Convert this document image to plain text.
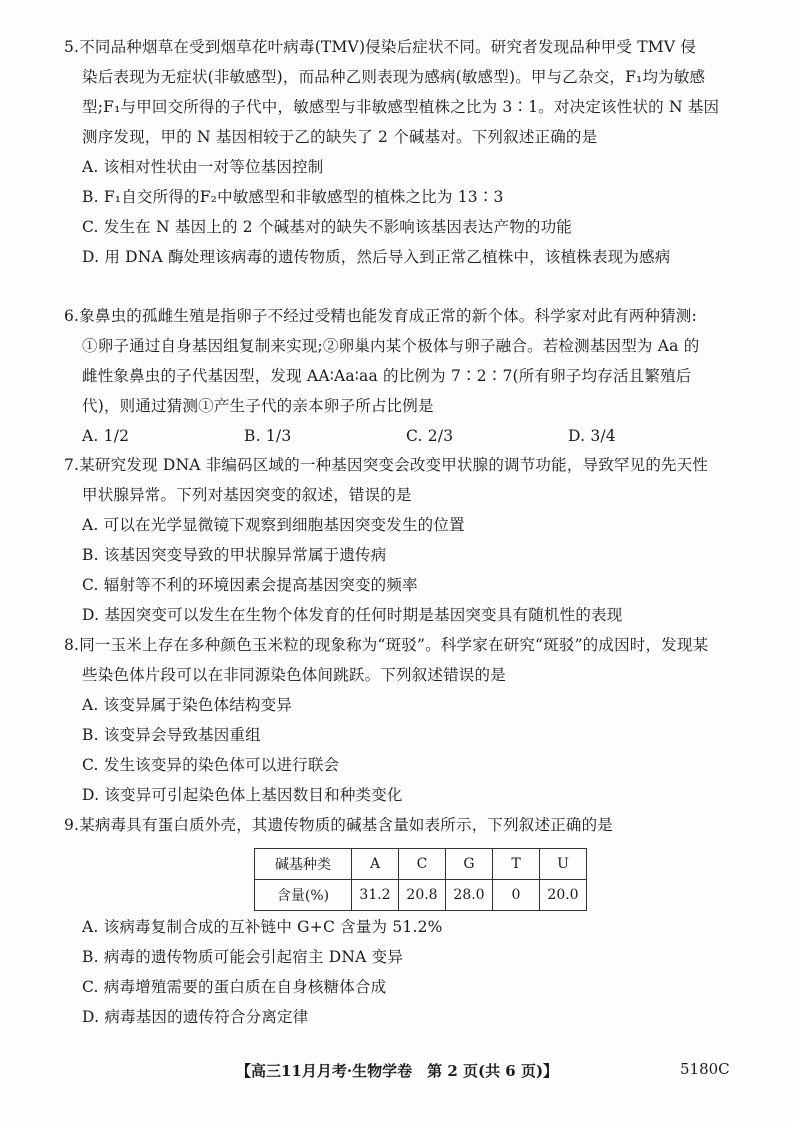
5.不同品种烟草在受到烟草花叶病毒(TMV)侵染后症状不同。研究者发现品种甲受 TMV 侵
染后表现为无症状(非敏感型)，而品种乙则表现为感病(敏感型)。甲与乙杂交，F₁均为敏感
型;F₁与甲回交所得的子代中，敏感型与非敏感型植株之比为 3∶1。对决定该性状的 N 基因
测序发现，甲的 N 基因相较于乙的缺失了 2 个碱基对。下列叙述正确的是
A. 该相对性状由一对等位基因控制
B. F₁自交所得的F₂中敏感型和非敏感型的植株之比为 13∶3
C. 发生在 N 基因上的 2 个碱基对的缺失不影响该基因表达产物的功能
D. 用 DNA 酶处理该病毒的遗传物质，然后导入到正常乙植株中，该植株表现为感病
6.象鼻虫的孤雌生殖是指卵子不经过受精也能发育成正常的新个体。科学家对此有两种猜测:
①卵子通过自身基因组复制来实现;②卵巢内某个极体与卵子融合。若检测基因型为 Aa 的
雌性象鼻虫的子代基因型，发现 AA∶Aa∶aa 的比例为 7∶2∶7(所有卵子均存活且繁殖后
代)，则通过猜测①产生子代的亲本卵子所占比例是
A. 1/2	B. 1/3	C. 2/3	D. 3/4
7.某研究发现 DNA 非编码区域的一种基因突变会改变甲状腺的调节功能，导致罕见的先天性
甲状腺异常。下列对基因突变的叙述，错误的是
A. 可以在光学显微镜下观察到细胞基因突变发生的位置
B. 该基因突变导致的甲状腺异常属于遗传病
C. 辐射等不利的环境因素会提高基因突变的频率
D. 基因突变可以发生在生物个体发育的任何时期是基因突变具有随机性的表现
8.同一玉米上存在多种颜色玉米粒的现象称为“斑驳”。科学家在研究“斑驳”的成因时，发现某
些染色体片段可以在非同源染色体间跳跃。下列叙述错误的是
A. 该变异属于染色体结构变异
B. 该变异会导致基因重组
C. 发生该变异的染色体可以进行联会
D. 该变异可引起染色体上基因数目和种类变化
9.某病毒具有蛋白质外壳，其遗传物质的碱基含量如表所示，下列叙述正确的是
碱基种类	A	C	G	T	U
含量(%)	31.2	20.8	28.0	0	20.0
A. 该病毒复制合成的互补链中 G+C 含量为 51.2%
B. 病毒的遗传物质可能会引起宿主 DNA 变异
C. 病毒增殖需要的蛋白质在自身核糖体合成
D. 病毒基因的遗传符合分离定律
【高三11月月考·生物学卷　第 2 页(共 6 页)】	5180C
